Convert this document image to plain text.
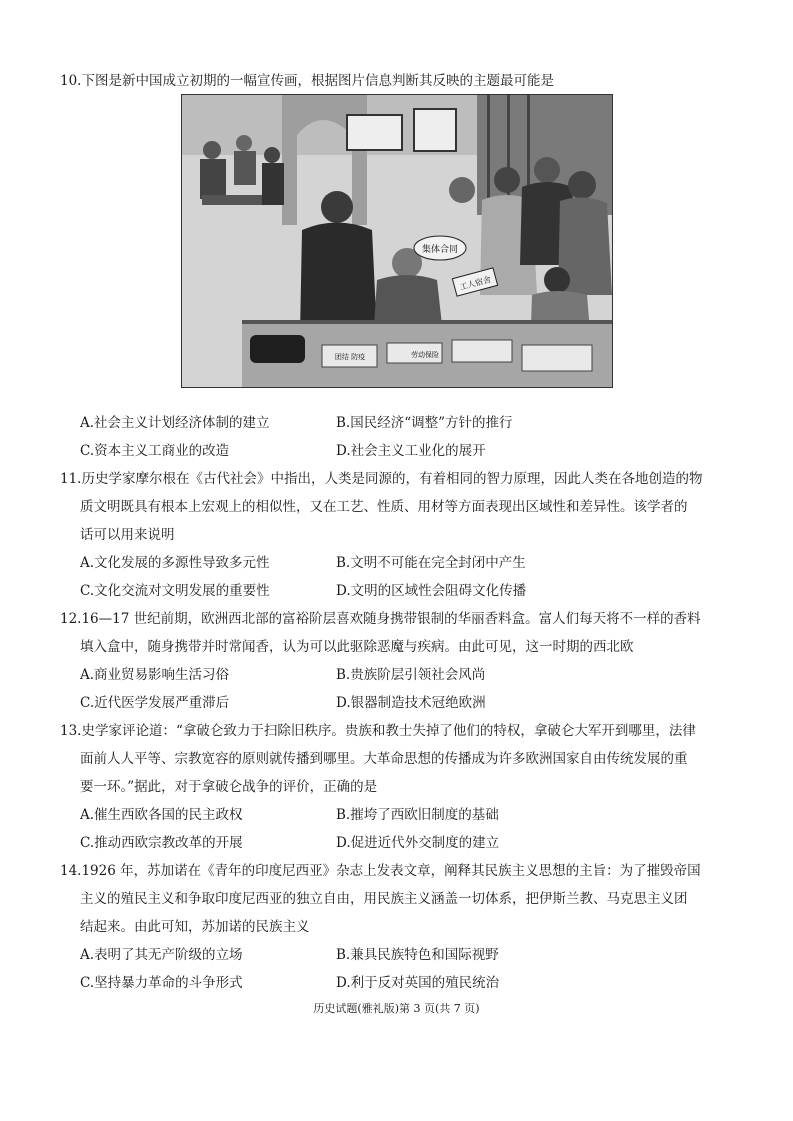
10.下图是新中国成立初期的一幅宣传画，根据图片信息判断其反映的主题最可能是
集体合同
工人宿舍
劳动保险
团结 防疫
A.社会主义计划经济体制的建立	B.国民经济“调整”方针的推行
C.资本主义工商业的改造	D.社会主义工业化的展开
11.历史学家摩尔根在《古代社会》中指出，人类是同源的，有着相同的智力原理，因此人类在各地创造的物
质文明既具有根本上宏观上的相似性，又在工艺、性质、用材等方面表现出区域性和差异性。该学者的
话可以用来说明
A.文化发展的多源性导致多元性	B.文明不可能在完全封闭中产生
C.文化交流对文明发展的重要性	D.文明的区域性会阻碍文化传播
12.16—17 世纪前期，欧洲西北部的富裕阶层喜欢随身携带银制的华丽香料盒。富人们每天将不一样的香料
填入盒中，随身携带并时常闻香，认为可以此驱除恶魔与疾病。由此可见，这一时期的西北欧
A.商业贸易影响生活习俗	B.贵族阶层引领社会风尚
C.近代医学发展严重滞后	D.银器制造技术冠绝欧洲
13.史学家评论道：“拿破仑致力于扫除旧秩序。贵族和教士失掉了他们的特权，拿破仑大军开到哪里，法律
面前人人平等、宗教宽容的原则就传播到哪里。大革命思想的传播成为许多欧洲国家自由传统发展的重
要一环。”据此，对于拿破仑战争的评价，正确的是
A.催生西欧各国的民主政权	B.摧垮了西欧旧制度的基础
C.推动西欧宗教改革的开展	D.促进近代外交制度的建立
14.1926 年，苏加诺在《青年的印度尼西亚》杂志上发表文章，阐释其民族主义思想的主旨：为了摧毁帝国
主义的殖民主义和争取印度尼西亚的独立自由，用民族主义涵盖一切体系，把伊斯兰教、马克思主义团
结起来。由此可知，苏加诺的民族主义
A.表明了其无产阶级的立场	B.兼具民族特色和国际视野
C.坚持暴力革命的斗争形式	D.利于反对英国的殖民统治
历史试题(雅礼版)第 3 页(共 7 页)
